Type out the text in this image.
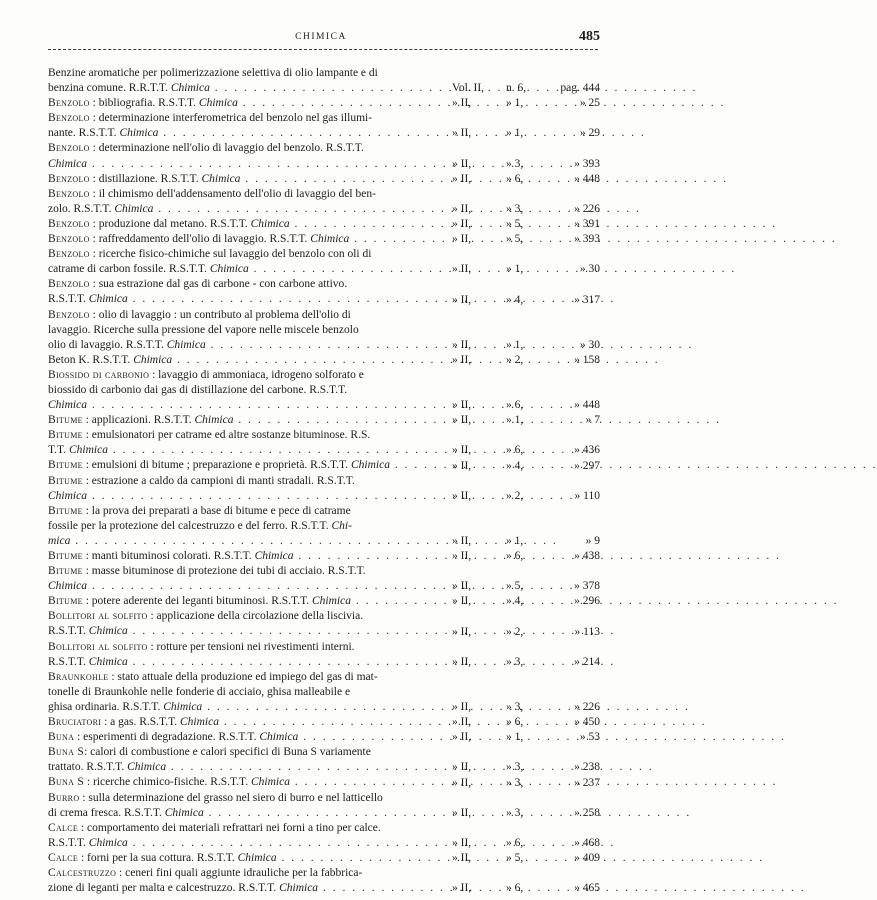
CHIMICA	485
Benzine aromatiche per polimerizzazione selettiva di olio lampante e di
benzina comune. R.R.T.T. Chimica . . .	Vol. II, n. 6,	pag. 444
Benzolo : bibliografia. R.S.T.T. Chimica . . .	» II,	» 1,	» 25
Benzolo : determinazione interferometrica del benzolo nel gas illumi-
nante. R.S.T.T. Chimica . . .	» II,	» 1,	» 29
Benzolo : determinazione nell'olio di lavaggio del benzolo. R.S.T.T.
Chimica . . .	» II,	» 3,	» 393
Benzolo : distillazione. R.S.T.T. Chimica . . .	» II,	» 6,	» 448
Benzolo : il chimismo dell'addensamento dell'olio di lavaggio del ben-
zolo. R.S.T.T. Chimica . . .	» II,	» 3,	» 226
Benzolo : produzione dal metano. R.S.T.T. Chimica . . .	» II,	» 5,	» 391
Benzolo : raffreddamento dell'olio di lavaggio. R.S.T.T. Chimica . . .	» II,	» 5,	» 393
Benzolo : ricerche fisico-chimiche sul lavaggio del benzolo con oli di
catrame di carbon fossile. R.S.T.T. Chimica . . .	» II,	» 1,	» 30
Benzolo : sua estrazione dal gas di carbone - con carbone attivo.
R.S.T.T. Chimica . . .	» II,	» 4,	» 317
Benzolo : olio di lavaggio : un contributo al problema dell'olio di
lavaggio. Ricerche sulla pressione del vapore nelle miscele benzolo
olio di lavaggio. R.S.T.T. Chimica . . .	» II,	» 1,	» 30
Beton K. R.S.T.T. Chimica . . .	» II,	» 2,	» 158
Biossido di carbonio : lavaggio di ammoniaca, idrogeno solforato e
biossido di carbonio dai gas di distillazione del carbone. R.S.T.T.
Chimica . . .	» II,	» 6,	» 448
Bitume : applicazioni. R.S.T.T. Chimica . . .	» II,	» 1,	» 7
Bitume : emulsionatori per catrame ed altre sostanze bituminose. R.S.
T.T. Chimica . . .	» II,	» 6,	» 436
Bitume : emulsioni di bitume ; preparazione e proprietà. R.S.T.T. Chimica . . .	» II,	» 4,	» 297
Bitume : estrazione a caldo da campioni di manti stradali. R.S.T.T.
Chimica . . .	» II,	» 2,	» 110
Bitume : la prova dei preparati a base di bitume e pece di catrame
fossile per la protezione del calcestruzzo e del ferro. R.S.T.T. Chi-
mica . . .	» II,	» 1,	» 9
Bitume : manti bituminosi colorati. R.S.T.T. Chimica . . .	» II,	» 6,	» 438
Bitume : masse bituminose di protezione dei tubi di acciaio. R.S.T.T.
Chimica . . .	» II,	» 5,	» 378
Bitume : potere aderente dei leganti bituminosi. R.S.T.T. Chimica . . .	» II,	» 4,	» 296
Bollitori al solfito : applicazione della circolazione della liscivia.
R.S.T.T. Chimica . . .	» II,	» 2,	» 113
Bollitori al solfito : rotture per tensioni nei rivestimenti interni.
R.S.T.T. Chimica . . .	» II,	» 3,	» 214
Braunkohle : stato attuale della produzione ed impiego del gas di mat-
tonelle di Braunkohle nelle fonderie di acciaio, ghisa malleabile e
ghisa ordinaria. R.S.T.T. Chimica . . .	» II,	» 3,	» 226
Bruciatori : a gas. R.S.T.T. Chimica . . .	» II,	» 6,	» 450
Buna : esperimenti di degradazione. R.S.T.T. Chimica . . .	» II,	» 1,	» 53
Buna S: calori di combustione e calori specifici di Buna S variamente
trattato. R.S.T.T. Chimica . . .	» II,	» 3,	» 238
Buna S : ricerche chimico-fisiche. R.S.T.T. Chimica . . .	» II,	» 3,	» 237
Burro : sulla determinazione del grasso nel siero di burro e nel latticello
di crema fresca. R.S.T.T. Chimica . . .	» II,	» 3,	» 258
Calce : comportamento dei materiali refrattari nei forni a tino per calce.
R.S.T.T. Chimica . . .	» II,	» 6,	» 468
Calce : forni per la sua cottura. R.S.T.T. Chimica . . .	» II,	» 5,	» 409
Calcestruzzo : ceneri fini quali aggiunte idrauliche per la fabbrica-
zione di leganti per malta e calcestruzzo. R.S.T.T. Chimica . . .	» II,	» 6,	» 465
